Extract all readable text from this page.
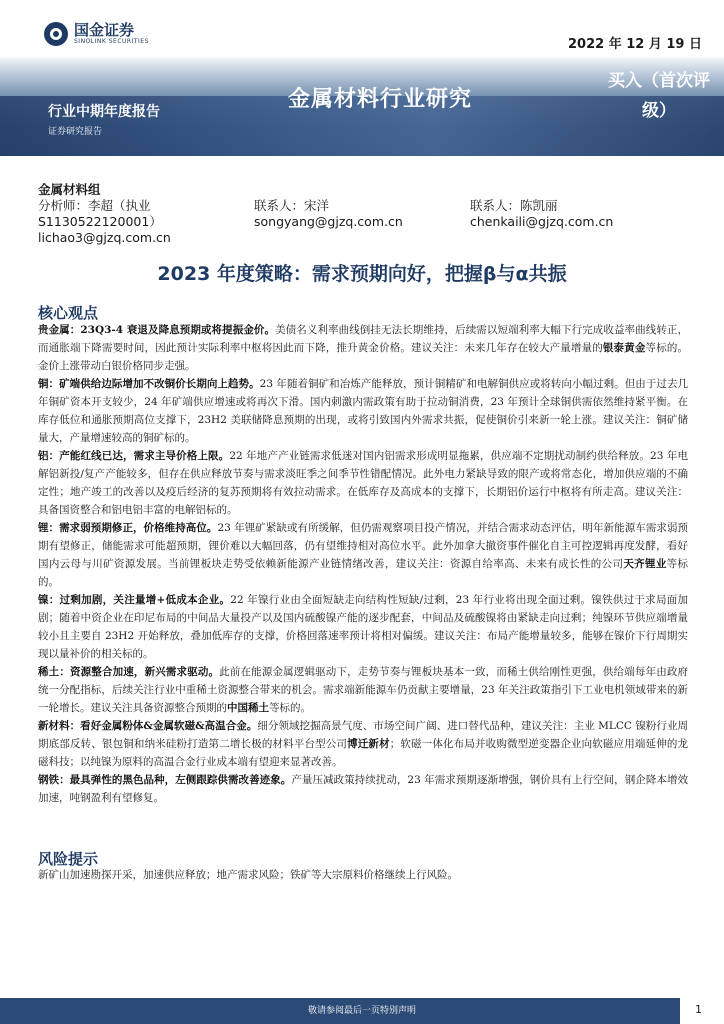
国金证券
SINOLINK SECURITIES	2022 年 12 月 19 日
金属材料行业研究
买入（首次评级）
行业中期年度报告
证券研究报告
金属材料组
分析师：李超（执业 S1130522120001）
lichao3@gjzq.com.cn
联系人：宋洋
songyang@gjzq.com.cn
联系人：陈凯丽
chenkaili@gjzq.com.cn
2023 年度策略：需求预期向好，把握β与α共振
核心观点

贵金属：23Q3-4 衰退及降息预期或将提振金价。美债名义利率曲线倒挂无法长期维持，后续需以短端利率大幅下行完成收益率曲线转正，而通胀端下降需要时间，因此预计实际利率中枢将因此而下降，推升黄金价格。建议关注：未来几年存在较大产量增量的银泰黄金等标的。金价上涨带动白银价格同步走强。

铜：矿端供给边际增加不改铜价长期向上趋势。23 年随着铜矿和冶炼产能释放，预计铜精矿和电解铜供应或将转向小幅过剩。但由于过去几年铜矿资本开支较少，24 年矿端供应增速或将再次下滑。国内刺激内需政策有助于拉动铜消费，23 年预计全球铜供需依然维持紧平衡。在库存低位和通胀预期高位支撑下，23H2 美联储降息预期的出现，或将引致国内外需求共振，促使铜价引来新一轮上涨。建议关注：铜矿储量大，产量增速较高的铜矿标的。

铝：产能红线已达，需求主导价格上限。22 年地产产业链需求低迷对国内铝需求形成明显拖累，供应端不定期扰动制约供给释放。23 年电解铝新投/复产产能较多，但存在供应释放节奏与需求淡旺季之间季节性错配情况。此外电力紧缺导致的限产或将常态化，增加供应端的不确定性；地产竣工的改善以及疫后经济的复苏预期将有效拉动需求。在低库存及高成本的支撑下，长期铝价运行中枢将有所走高。建议关注：具备国资整合和铝电铝丰富的电解铝标的。

锂：需求弱预期修正，价格维持高位。23 年锂矿紧缺或有所缓解，但仍需观察项目投产情况，并结合需求动态评估，明年新能源车需求弱预期有望修正，储能需求可能超预期，锂价难以大幅回落，仍有望维持相对高位水平。此外加拿大撤资事件催化自主可控逻辑再度发酵，看好国内云母与川矿资源发展。当前锂板块走势受依赖新能源产业链情绪改善，建议关注：资源自给率高、未来有成长性的公司天齐锂业等标的。

镍：过剩加剧，关注量增+低成本企业。22 年镍行业由全面短缺走向结构性短缺/过剩，23 年行业将出现全面过剩。镍铁供过于求局面加剧；随着中资企业在印尼布局的中间品大量投产以及国内硫酸镍产能的逐步配套，中间品及硫酸镍将由紧缺走向过剩；纯镍环节供应端增量较小且主要自 23H2 开始释放，叠加低库存的支撑，价格回落速率预计将相对偏缓。建议关注：布局产能增量较多，能够在镍价下行周期实现以量补价的相关标的。

稀土：资源整合加速，新兴需求驱动。此前在能源金属逻辑驱动下，走势节奏与锂板块基本一致，而稀土供给刚性更强，供给端每年由政府统一分配指标，后续关注行业中重稀土资源整合带来的机会。需求端新能源车仍贡献主要增量，23 年关注政策指引下工业电机领域带来的新一轮增长。建议关注具备资源整合预期的中国稀土等标的。

新材料：看好金属粉体&金属软磁&高温合金。细分领域挖掘高景气度、市场空间广阔、进口替代品种，建议关注：主业 MLCC 镍粉行业周期底部反转、银包铜和纳米硅粉打造第二增长极的材料平台型公司博迁新材；软磁一体化布局并收购微型逆变器企业向软磁应用端延伸的龙磁科技；以纯镍为原料的高温合金行业成本端有望迎来显著改善。

钢铁：最具弹性的黑色品种，左侧跟踪供需改善迹象。产量压减政策持续扰动，23 年需求预期逐渐增强，钢价具有上行空间，钢企降本增效加速，吨钢盈利有望修复。

风险提示
新矿山加速勘探开采，加速供应释放；地产需求风险；铁矿等大宗原料价格继续上行风险。
敬请参阅最后一页特别声明	1
